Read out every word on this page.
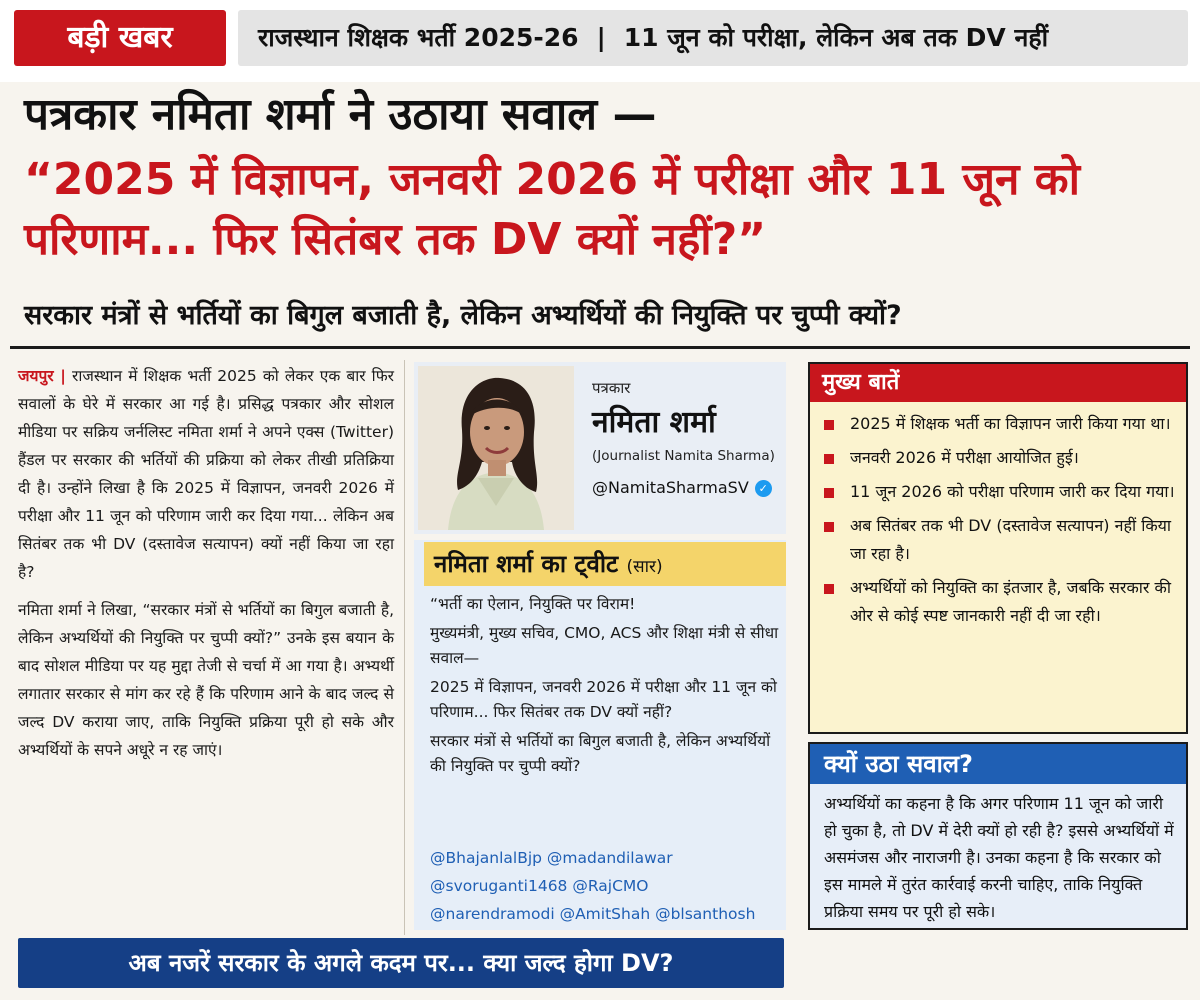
बड़ी खबर	राजस्थान शिक्षक भर्ती 2025-26 | 11 जून को परीक्षा, लेकिन अब तक DV नहीं
पत्रकार नमिता शर्मा ने उठाया सवाल —
“2025 में विज्ञापन, जनवरी 2026 में परीक्षा और 11 जून को परिणाम... फिर सितंबर तक DV क्यों नहीं?”
सरकार मंत्रों से भर्तियों का बिगुल बजाती है, लेकिन अभ्यर्थियों की नियुक्ति पर चुप्पी क्यों?

जयपुर | राजस्थान में शिक्षक भर्ती 2025 को लेकर एक बार फिर सवालों के घेरे में सरकार आ गई है। प्रसिद्ध पत्रकार और सोशल मीडिया पर सक्रिय जर्नलिस्ट नमिता शर्मा ने अपने एक्स (Twitter) हैंडल पर सरकार की भर्तियों की प्रक्रिया को लेकर तीखी प्रतिक्रिया दी है। उन्होंने लिखा है कि 2025 में विज्ञापन, जनवरी 2026 में परीक्षा और 11 जून को परिणाम जारी कर दिया गया... लेकिन अब सितंबर तक भी DV (दस्तावेज सत्यापन) क्यों नहीं किया जा रहा है?

नमिता शर्मा ने लिखा, “सरकार मंत्रों से भर्तियों का बिगुल बजाती है, लेकिन अभ्यर्थियों की नियुक्ति पर चुप्पी क्यों?” उनके इस बयान के बाद सोशल मीडिया पर यह मुद्दा तेजी से चर्चा में आ गया है। अभ्यर्थी लगातार सरकार से मांग कर रहे हैं कि परिणाम आने के बाद जल्द से जल्द DV कराया जाए, ताकि नियुक्ति प्रक्रिया पूरी हो सके और अभ्यर्थियों के सपने अधूरे न रह जाएं।

पत्रकार
नमिता शर्मा
(Journalist Namita Sharma)
@NamitaSharmaSV ✓
नमिता शर्मा का ट्वीट (सार)

“भर्ती का ऐलान, नियुक्ति पर विराम!

मुख्यमंत्री, मुख्य सचिव, CMO, ACS और शिक्षा मंत्री से सीधा सवाल—

2025 में विज्ञापन, जनवरी 2026 में परीक्षा और 11 जून को परिणाम... फिर सितंबर तक DV क्यों नहीं?

सरकार मंत्रों से भर्तियों का बिगुल बजाती है, लेकिन अभ्यर्थियों की नियुक्ति पर चुप्पी क्यों?

@BhajanlalBjp @madandilawar
@svoruganti1468 @RajCMO
@narendramodi @AmitShah @blsanthosh
मुख्य बातें
2025 में शिक्षक भर्ती का विज्ञापन जारी किया गया था।
जनवरी 2026 में परीक्षा आयोजित हुई।
11 जून 2026 को परीक्षा परिणाम जारी कर दिया गया।
अब सितंबर तक भी DV (दस्तावेज सत्यापन) नहीं किया जा रहा है।
अभ्यर्थियों को नियुक्ति का इंतजार है, जबकि सरकार की ओर से कोई स्पष्ट जानकारी नहीं दी जा रही।
क्यों उठा सवाल?
अभ्यर्थियों का कहना है कि अगर परिणाम 11 जून को जारी हो चुका है, तो DV में देरी क्यों हो रही है? इससे अभ्यर्थियों में असमंजस और नाराजगी है। उनका कहना है कि सरकार को इस मामले में तुरंत कार्रवाई करनी चाहिए, ताकि नियुक्ति प्रक्रिया समय पर पूरी हो सके।
अब नजरें सरकार के अगले कदम पर... क्या जल्द होगा DV?
